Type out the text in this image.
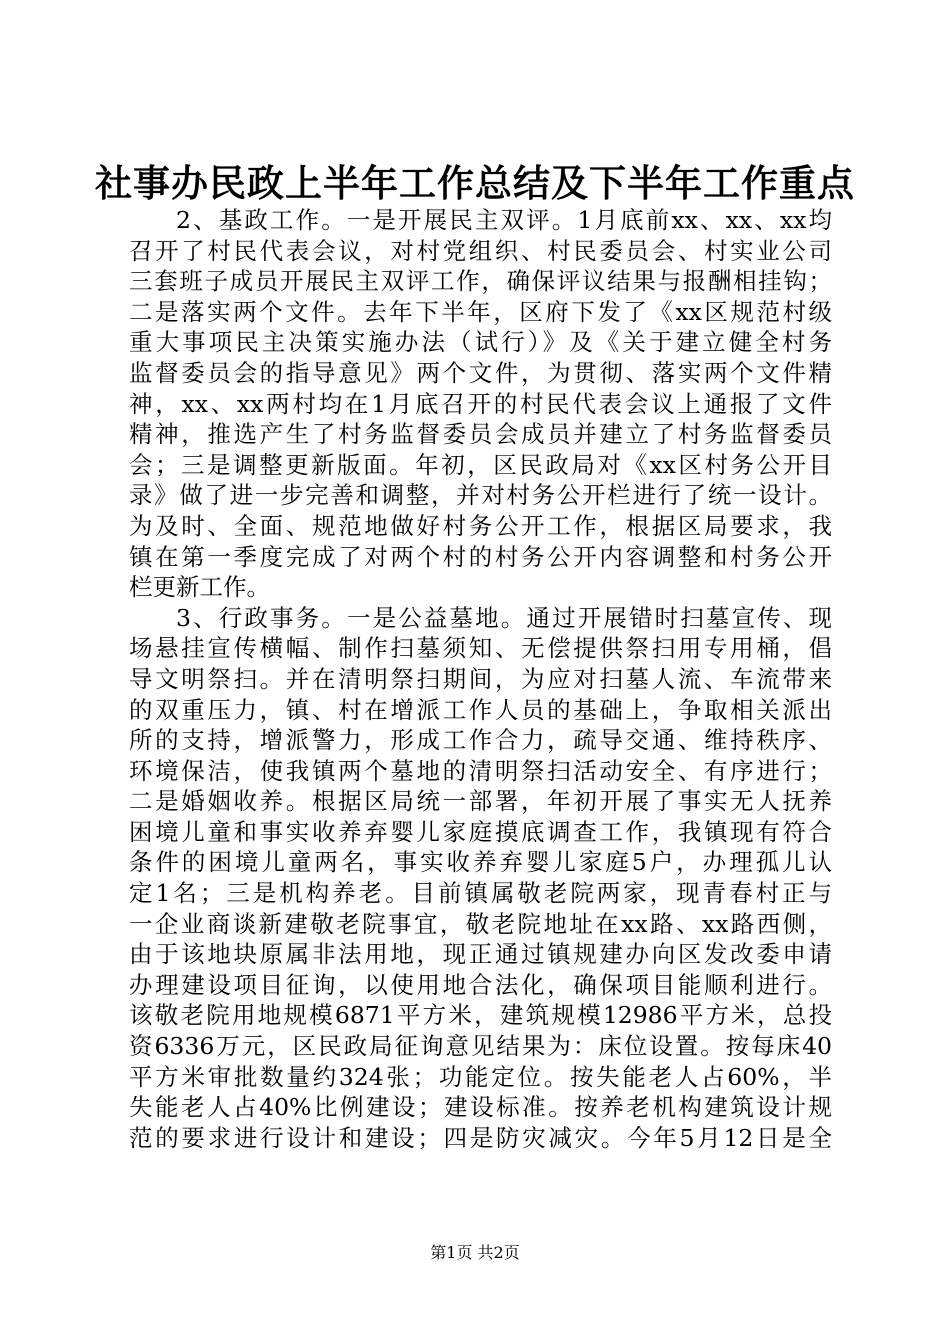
社事办民政上半年工作总结及下半年工作重点
2、基政工作。一是开展民主双评。1月底前xx、xx、xx均
召开了村民代表会议，对村党组织、村民委员会、村实业公司
三套班子成员开展民主双评工作，确保评议结果与报酬相挂钩；
二是落实两个文件。去年下半年，区府下发了《xx区规范村级
重大事项民主决策实施办法（试行）》及《关于建立健全村务
监督委员会的指导意见》两个文件，为贯彻、落实两个文件精
神，xx、xx两村均在1月底召开的村民代表会议上通报了文件
精神，推选产生了村务监督委员会成员并建立了村务监督委员
会；三是调整更新版面。年初，区民政局对《xx区村务公开目
录》做了进一步完善和调整，并对村务公开栏进行了统一设计。
为及时、全面、规范地做好村务公开工作，根据区局要求，我
镇在第一季度完成了对两个村的村务公开内容调整和村务公开
栏更新工作。
3、行政事务。一是公益墓地。通过开展错时扫墓宣传、现
场悬挂宣传横幅、制作扫墓须知、无偿提供祭扫用专用桶，倡
导文明祭扫。并在清明祭扫期间，为应对扫墓人流、车流带来
的双重压力，镇、村在增派工作人员的基础上，争取相关派出
所的支持，增派警力，形成工作合力，疏导交通、维持秩序、
环境保洁，使我镇两个墓地的清明祭扫活动安全、有序进行；
二是婚姻收养。根据区局统一部署，年初开展了事实无人抚养
困境儿童和事实收养弃婴儿家庭摸底调查工作，我镇现有符合
条件的困境儿童两名，事实收养弃婴儿家庭5户，办理孤儿认
定1名；三是机构养老。目前镇属敬老院两家，现青春村正与
一企业商谈新建敬老院事宜，敬老院地址在xx路、xx路西侧，
由于该地块原属非法用地，现正通过镇规建办向区发改委申请
办理建设项目征询，以使用地合法化，确保项目能顺利进行。
该敬老院用地规模6871平方米，建筑规模12986平方米，总投
资6336万元，区民政局征询意见结果为：床位设置。按每床40
平方米审批数量约324张；功能定位。按失能老人占60%，半
失能老人占40%比例建设；建设标准。按养老机构建筑设计规
范的要求进行设计和建设；四是防灾减灾。今年5月12日是全
第1页 共2页
